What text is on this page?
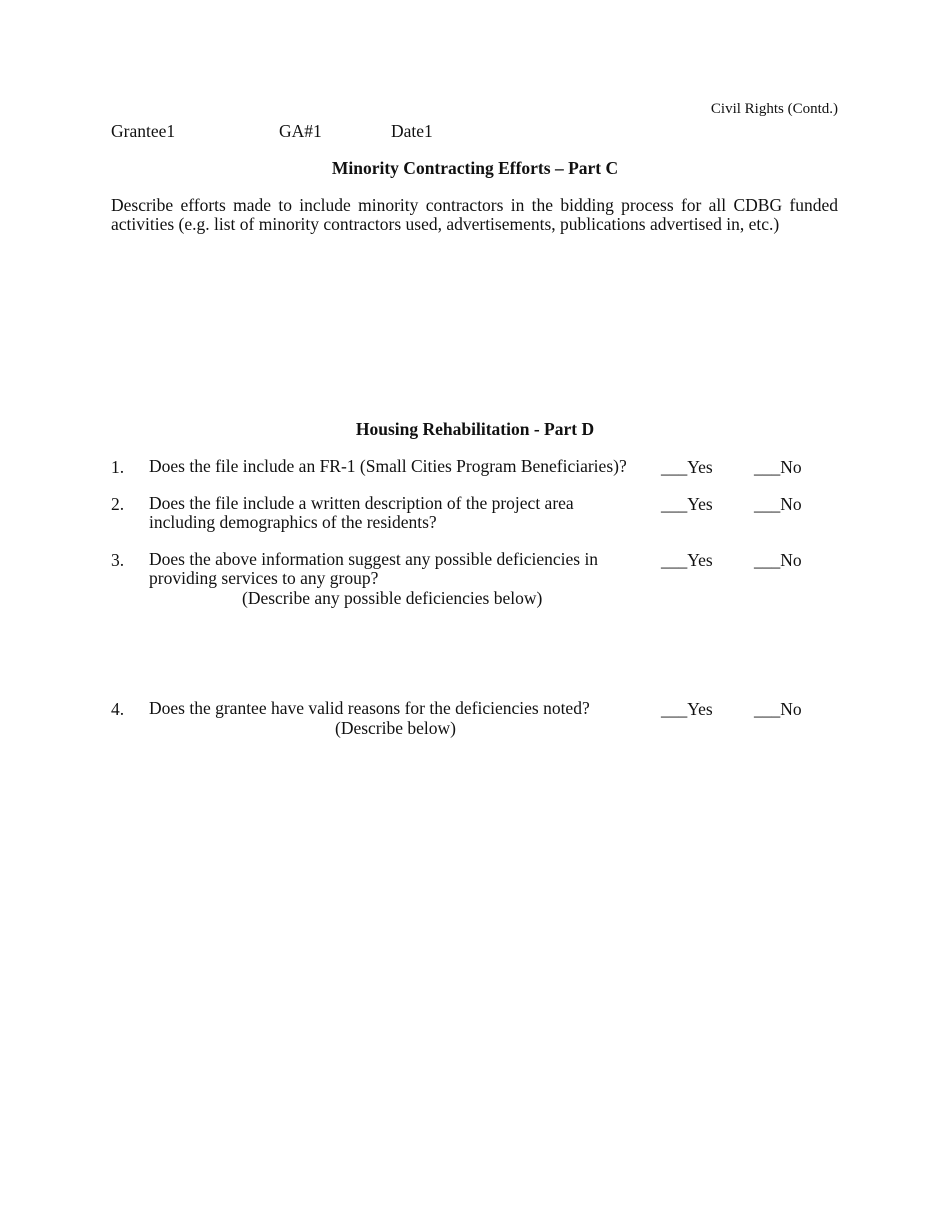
Civil Rights (Contd.)
Grantee1	GA#1	Date1
Minority Contracting Efforts – Part C
Describe efforts made to include minority contractors in the bidding process for all CDBG funded activities (e.g. list of minority contractors used, advertisements, publications advertised in, etc.)
Housing Rehabilitation - Part D
1. Does the file include an FR-1 (Small Cities Program Beneficiaries)? ___Yes ___No
2. Does the file include a written description of the project area
including demographics of the residents?
___Yes ___No
3. Does the above information suggest any possible deficiencies in
providing services to any group?
(Describe any possible deficiencies below)
___Yes ___No
4. Does the grantee have valid reasons for the deficiencies noted?
(Describe below)
___Yes ___No
